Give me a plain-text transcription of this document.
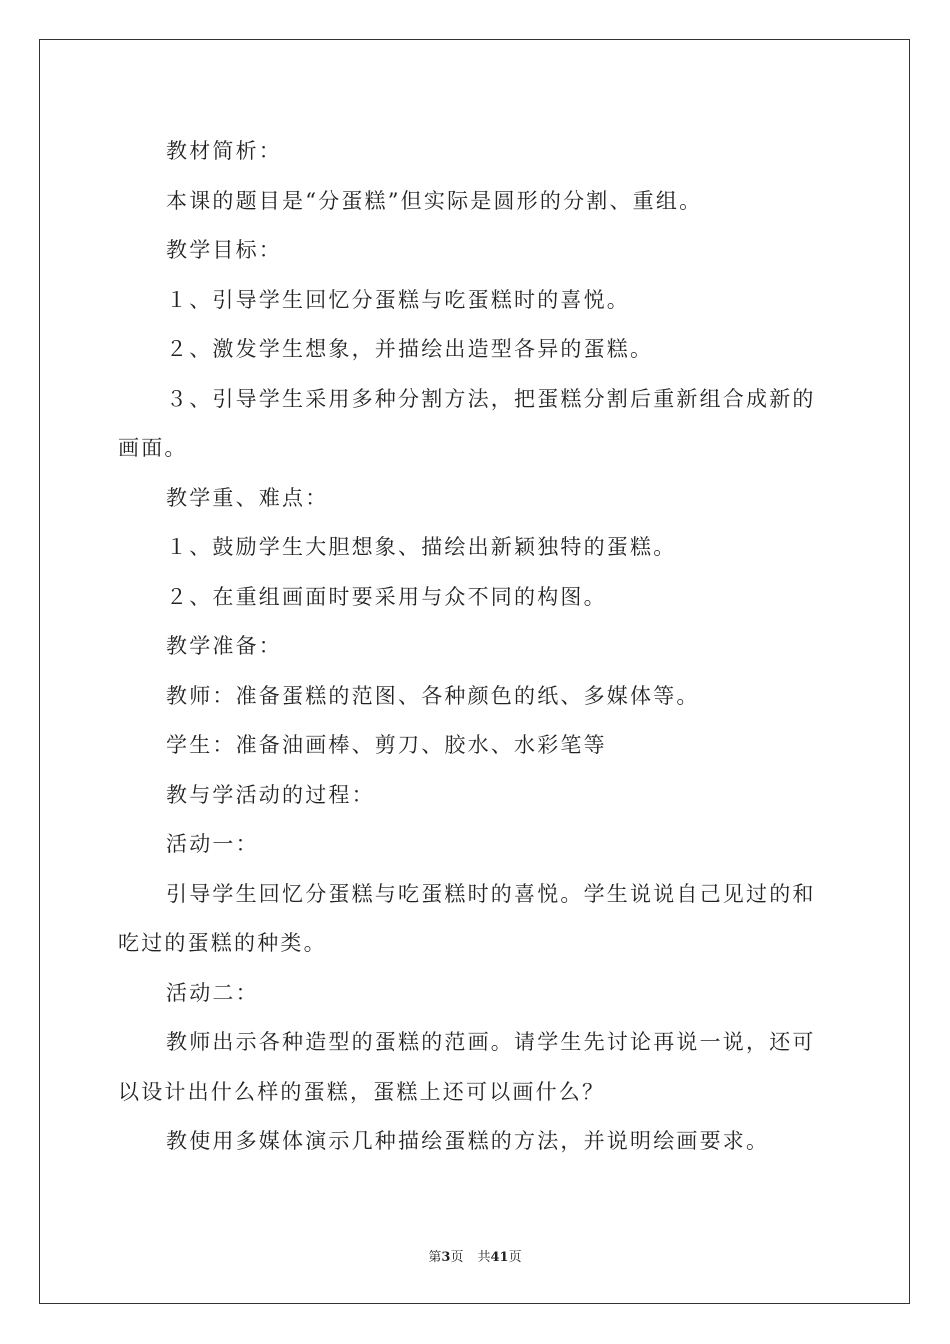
教材简析：

本课的题目是“分蛋糕”但实际是圆形的分割、重组。

教学目标：

１、引导学生回忆分蛋糕与吃蛋糕时的喜悦。

２、激发学生想象，并描绘出造型各异的蛋糕。

３、引导学生采用多种分割方法，把蛋糕分割后重新组合成新的画面。

教学重、难点：

１、鼓励学生大胆想象、描绘出新颖独特的蛋糕。

２、在重组画面时要采用与众不同的构图。

教学准备：

教师：准备蛋糕的范图、各种颜色的纸、多媒体等。

学生：准备油画棒、剪刀、胶水、水彩笔等

教与学活动的过程：

活动一：

引导学生回忆分蛋糕与吃蛋糕时的喜悦。学生说说自己见过的和吃过的蛋糕的种类。

活动二：

教师出示各种造型的蛋糕的范画。请学生先讨论再说一说，还可以设计出什么样的蛋糕，蛋糕上还可以画什么？

教使用多媒体演示几种描绘蛋糕的方法，并说明绘画要求。

第3页 共41页
